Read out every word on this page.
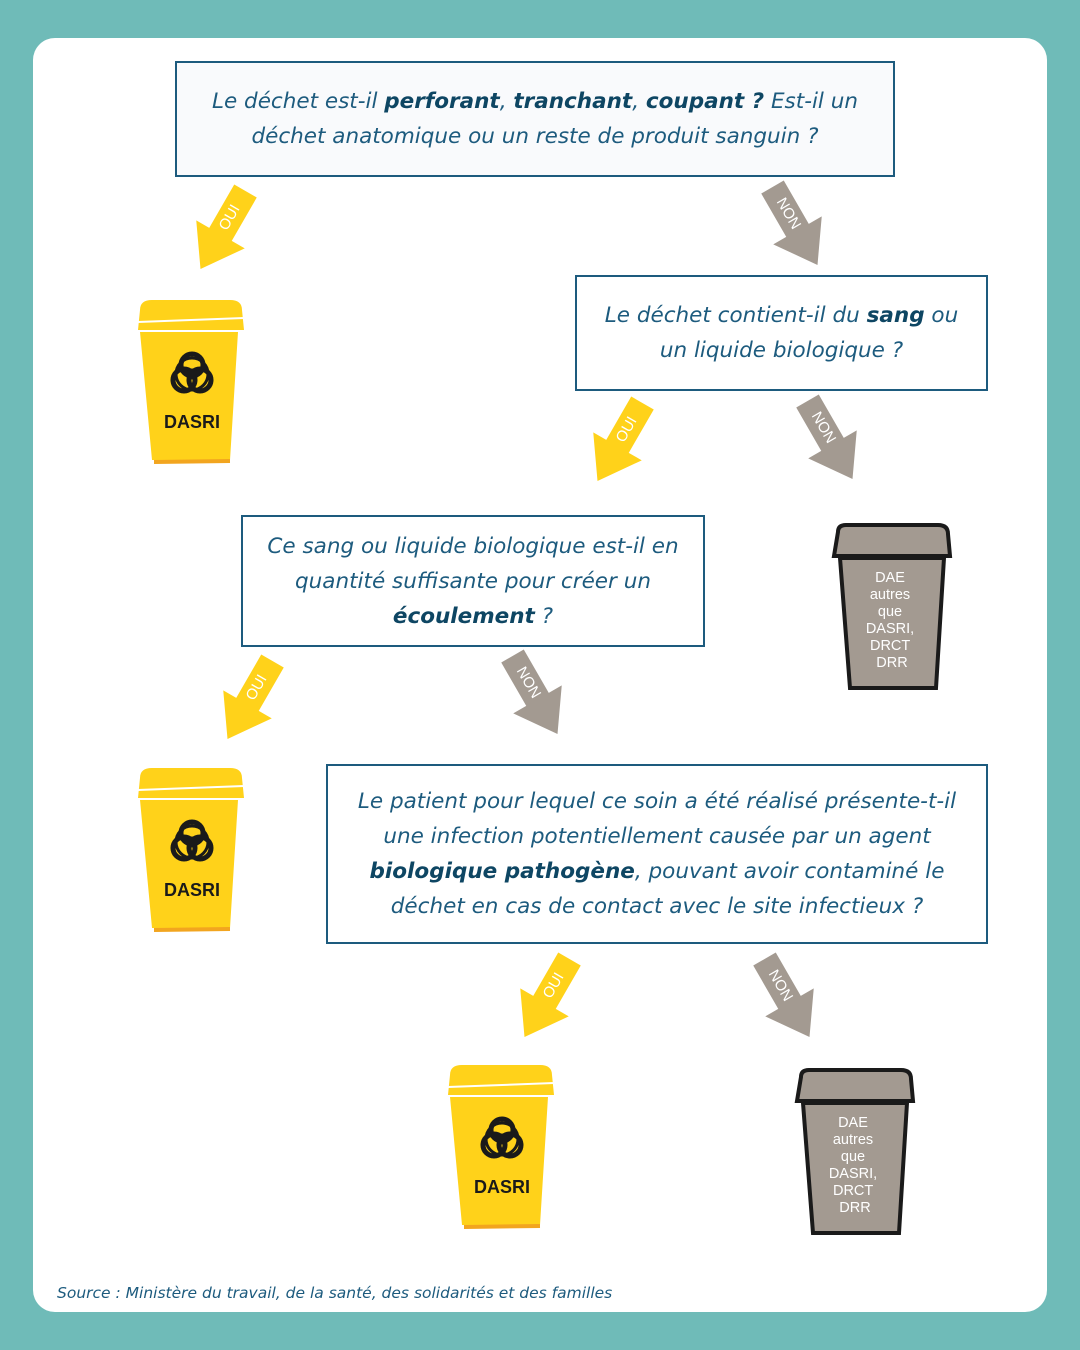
Le déchet est-il perforant, tranchant, coupant ? Est-il un
déchet anatomique ou un reste de produit sanguin ?
Le déchet contient-il du sang ou
un liquide biologique ?
Ce sang ou liquide biologique est-il en
quantité suffisante pour créer un
écoulement ?
Le patient pour lequel ce soin a été réalisé présente-t-il
une infection potentiellement causée par un agent
biologique pathogène, pouvant avoir contaminé le
déchet en cas de contact avec le site infectieux ?
OUI	NON
OUI	NON
OUI	NON
OUI	NON
DASRI
DASRI
DASRI
DAE autres que DASRI, DRCT DRR
DAE autres que DASRI, DRCT DRR
Source : Ministère du travail, de la santé, des solidarités et des familles
